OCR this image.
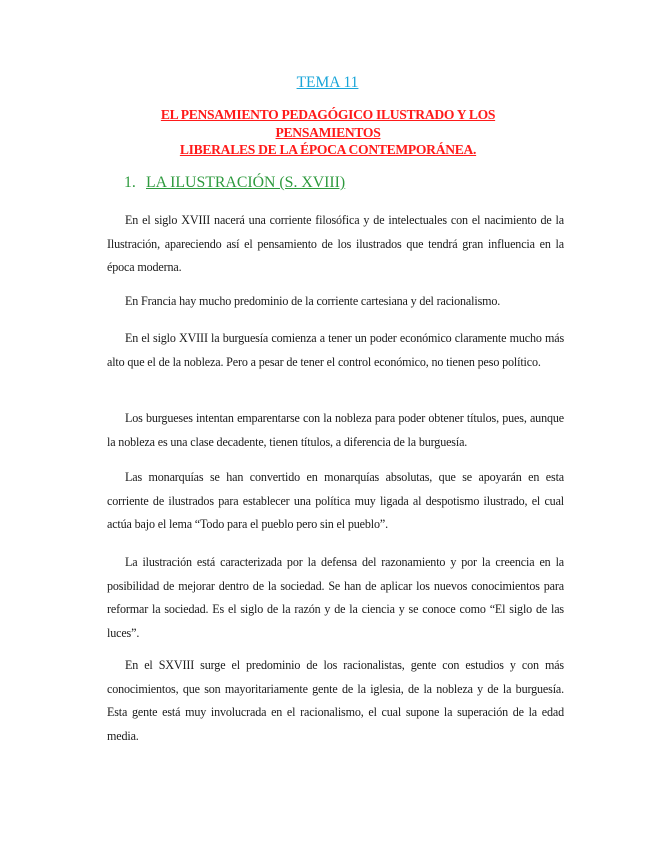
TEMA 11
EL PENSAMIENTO PEDAGÓGICO ILUSTRADO Y LOS PENSAMIENTOS
LIBERALES DE LA ÉPOCA CONTEMPORÁNEA.
1. LA ILUSTRACIÓN (S. XVIII)

En el siglo XVIII nacerá una corriente filosófica y de intelectuales con el nacimiento de la Ilustración, apareciendo así el pensamiento de los ilustrados que tendrá gran influencia en la época moderna.

En Francia hay mucho predominio de la corriente cartesiana y del racionalismo.

En el siglo XVIII la burguesía comienza a tener un poder económico claramente mucho más alto que el de la nobleza. Pero a pesar de tener el control económico, no tienen peso político.

Los burgueses intentan emparentarse con la nobleza para poder obtener títulos, pues, aunque la nobleza es una clase decadente, tienen títulos, a diferencia de la burguesía.

Las monarquías se han convertido en monarquías absolutas, que se apoyarán en esta corriente de ilustrados para establecer una política muy ligada al despotismo ilustrado, el cual actúa bajo el lema “Todo para el pueblo pero sin el pueblo”.

La ilustración está caracterizada por la defensa del razonamiento y por la creencia en la posibilidad de mejorar dentro de la sociedad. Se han de aplicar los nuevos conocimientos para reformar la sociedad. Es el siglo de la razón y de la ciencia y se conoce como “El siglo de las luces”.

En el SXVIII surge el predominio de los racionalistas, gente con estudios y con más conocimientos, que son mayoritariamente gente de la iglesia, de la nobleza y de la burguesía. Esta gente está muy involucrada en el racionalismo, el cual supone la superación de la edad media.
